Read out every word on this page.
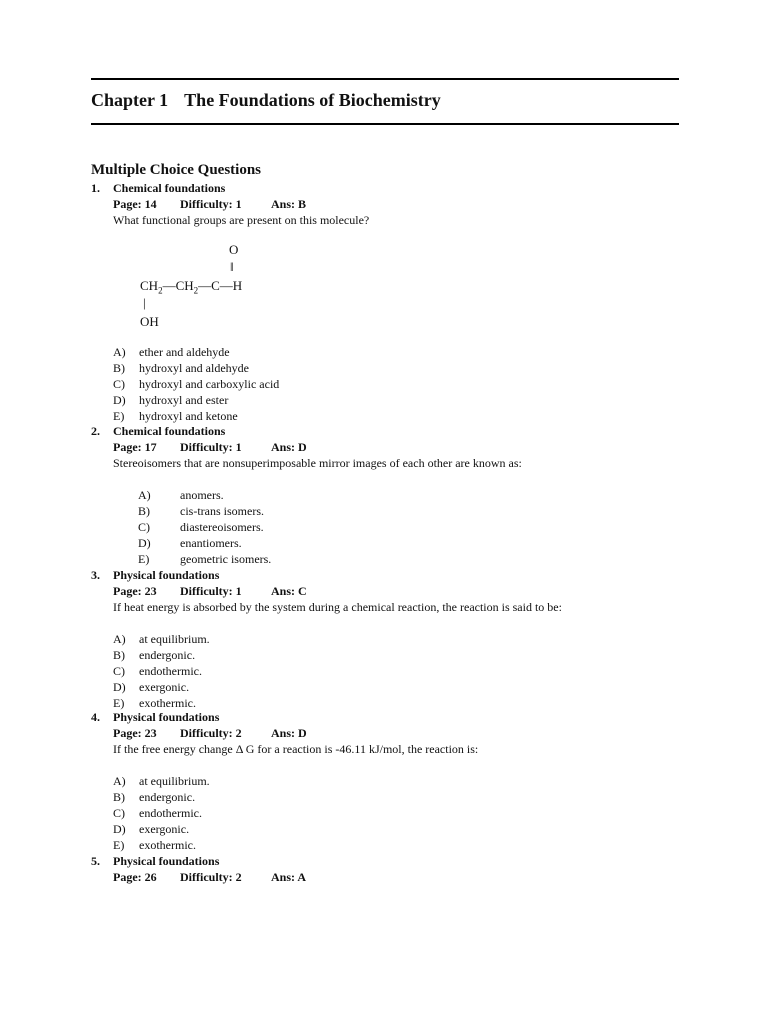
Chapter 1 The Foundations of Biochemistry
Multiple Choice Questions
1. Chemical foundations
Page: 14 Difficulty: 1 Ans: B
What functional groups are present on this molecule?
O
‖
$CH_2—CH_2—C—H$
|
OH
A) ether and aldehyde
B) hydroxyl and aldehyde
C) hydroxyl and carboxylic acid
D) hydroxyl and ester
E) hydroxyl and ketone
2. Chemical foundations
Page: 17 Difficulty: 1 Ans: D
Stereoisomers that are nonsuperimposable mirror images of each other are known as:
A) anomers.
B)	cis-trans isomers.
C)	diastereoisomers.
D) enantiomers.
E)	geometric isomers.
3. Physical foundations
Page: 23 Difficulty: 1 Ans: C
If heat energy is absorbed by the system during a chemical reaction, the reaction is said to be:
A) at equilibrium.
B) endergonic.
C) endothermic.
D) exergonic.
E) exothermic.
4. Physical foundations
Page: 23 Difficulty: 2 Ans: D
If the free energy change Δ G for a reaction is -46.11 kJ/mol, the reaction is:
A) at equilibrium.
B) endergonic.
C) endothermic.
D) exergonic.
E) exothermic.
5. Physical foundations
Page: 26 Difficulty: 2 Ans: A
